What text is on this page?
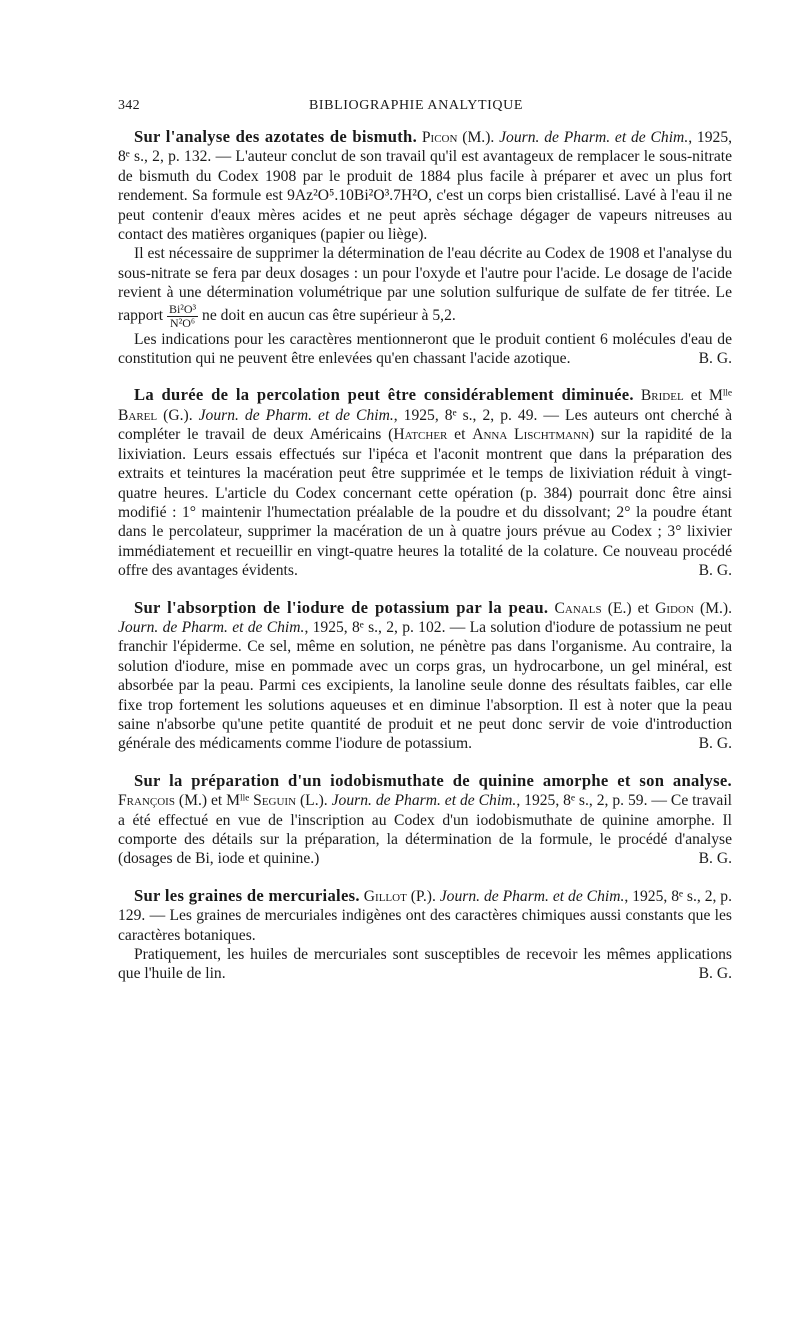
342	BIBLIOGRAPHIE ANALYTIQUE

Sur l'analyse des azotates de bismuth. Picon (M.). Journ. de Pharm. et de Chim., 1925, 8ᵉ s., 2, p. 132. — L'auteur conclut de son travail qu'il est avantageux de remplacer le sous-nitrate de bismuth du Codex 1908 par le produit de 1884 plus facile à préparer et avec un plus fort rendement. Sa formule est 9Az²O⁵.10Bi²O³.7H²O, c'est un corps bien cristallisé. Lavé à l'eau il ne peut contenir d'eaux mères acides et ne peut après séchage dégager de vapeurs nitreuses au contact des matières organiques (papier ou liège).

Il est nécessaire de supprimer la détermination de l'eau décrite au Codex de 1908 et l'analyse du sous-nitrate se fera par deux dosages : un pour l'oxyde et l'autre pour l'acide. Le dosage de l'acide revient à une détermination volumétrique par une solution sulfurique de sulfate de fer titrée. Le rapport $\frac{\text{Bi²O³}}{\text{N²O⁶}}$ ne doit en aucun cas être supérieur à 5,2.

Les indications pour les caractères mentionneront que le produit contient 6 molécules d'eau de constitution qui ne peuvent être enlevées qu'en chassant l'acide azotique.	B. G.

La durée de la percolation peut être considérablement diminuée. Bridel et Mˡˡᵉ Barel (G.). Journ. de Pharm. et de Chim., 1925, 8ᵉ s., 2, p. 49. — Les auteurs ont cherché à compléter le travail de deux Américains (Hatcher et Anna Lischtmann) sur la rapidité de la lixiviation. Leurs essais effectués sur l'ipéca et l'aconit montrent que dans la préparation des extraits et teintures la macération peut être supprimée et le temps de lixiviation réduit à vingt-quatre heures. L'article du Codex concernant cette opération (p. 384) pourrait donc être ainsi modifié : 1° maintenir l'humectation préalable de la poudre et du dissolvant; 2° la poudre étant dans le percolateur, supprimer la macération de un à quatre jours prévue au Codex ; 3° lixivier immédiatement et recueillir en vingt-quatre heures la totalité de la colature. Ce nouveau procédé offre des avantages évidents.	B. G.

Sur l'absorption de l'iodure de potassium par la peau. Canals (E.) et Gidon (M.). Journ. de Pharm. et de Chim., 1925, 8ᵉ s., 2, p. 102. — La solution d'iodure de potassium ne peut franchir l'épiderme. Ce sel, même en solution, ne pénètre pas dans l'organisme. Au contraire, la solution d'iodure, mise en pommade avec un corps gras, un hydrocarbone, un gel minéral, est absorbée par la peau. Parmi ces excipients, la lanoline seule donne des résultats faibles, car elle fixe trop fortement les solutions aqueuses et en diminue l'absorption. Il est à noter que la peau saine n'absorbe qu'une petite quantité de produit et ne peut donc servir de voie d'introduction générale des médicaments comme l'iodure de potassium.	B. G.

Sur la préparation d'un iodobismuthate de quinine amorphe et son analyse. François (M.) et Mˡˡᵉ Seguin (L.). Journ. de Pharm. et de Chim., 1925, 8ᵉ s., 2, p. 59. — Ce travail a été effectué en vue de l'inscription au Codex d'un iodobismuthate de quinine amorphe. Il comporte des détails sur la préparation, la détermination de la formule, le procédé d'analyse (dosages de Bi, iode et quinine.)	B. G.

Sur les graines de mercuriales. Gillot (P.). Journ. de Pharm. et de Chim., 1925, 8ᵉ s., 2, p. 129. — Les graines de mercuriales indigènes ont des caractères chimiques aussi constants que les caractères botaniques.

Pratiquement, les huiles de mercuriales sont susceptibles de recevoir les mêmes applications que l'huile de lin.	B. G.
